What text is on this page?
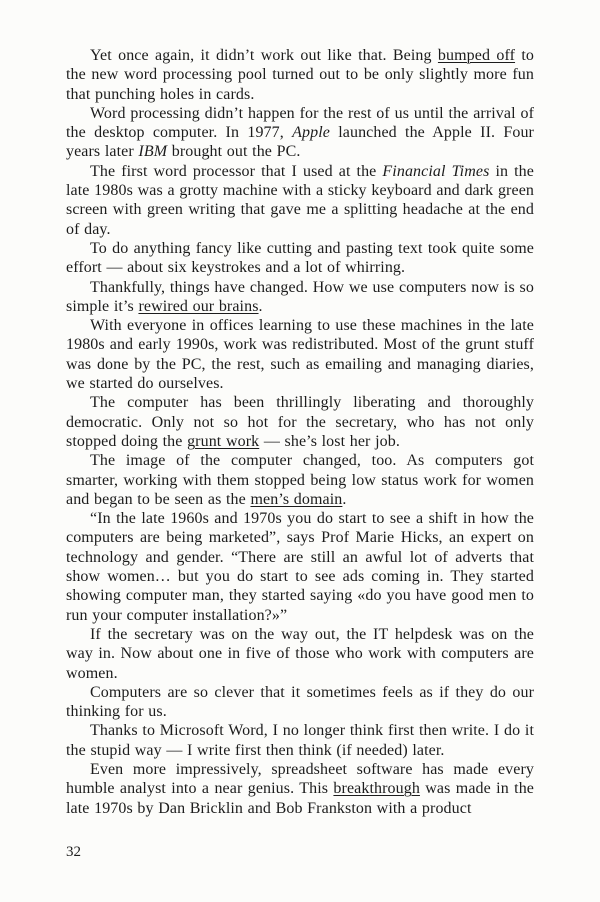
Yet once again, it didn’t work out like that. Being bumped off to the new word processing pool turned out to be only slightly more fun that punching holes in cards.

Word processing didn’t happen for the rest of us until the arrival of the desktop computer. In 1977, Apple launched the Apple II. Four years later IBM brought out the PC.

The first word processor that I used at the Financial Times in the late 1980s was a grotty machine with a sticky keyboard and dark green screen with green writing that gave me a splitting headache at the end of day.

To do anything fancy like cutting and pasting text took quite some effort — about six keystrokes and a lot of whirring.

Thankfully, things have changed. How we use computers now is so simple it’s rewired our brains.

With everyone in offices learning to use these machines in the late 1980s and early 1990s, work was redistributed. Most of the grunt stuff was done by the PC, the rest, such as emailing and managing diaries, we started do ourselves.

The computer has been thrillingly liberating and thoroughly democratic. Only not so hot for the secretary, who has not only stopped doing the grunt work — she’s lost her job.

The image of the computer changed, too. As computers got smarter, working with them stopped being low status work for women and began to be seen as the men’s domain.

“In the late 1960s and 1970s you do start to see a shift in how the computers are being marketed”, says Prof Marie Hicks, an expert on technology and gender. “There are still an awful lot of adverts that show women… but you do start to see ads coming in. They started showing computer man, they started saying «do you have good men to run your computer installation?»”

If the secretary was on the way out, the IT helpdesk was on the way in. Now about one in five of those who work with computers are women.

Computers are so clever that it sometimes feels as if they do our thinking for us.

Thanks to Microsoft Word, I no longer think first then write. I do it the stupid way — I write first then think (if needed) later.

Even more impressively, spreadsheet software has made every humble analyst into a near genius. This breakthrough was made in the late 1970s by Dan Bricklin and Bob Frankston with a product

32
